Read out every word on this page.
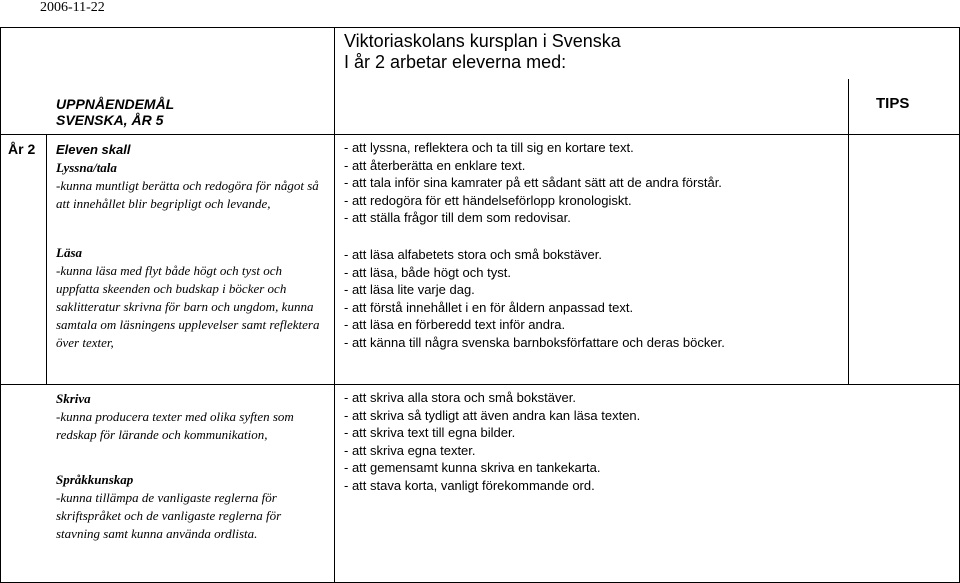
2006-11-22
Viktoriaskolans kursplan i Svenska
I år 2 arbetar eleverna med:
UPPNÅENDEMÅL
SVENSKA, ÅR 5
TIPS
År 2 Eleven skall
Lyssna/tala
-kunna muntligt berätta och redogöra för något så att innehållet blir begripligt och levande,
Läsa
-kunna läsa med flyt både högt och tyst och uppfatta skeenden och budskap i böcker och saklitteratur skrivna för barn och ungdom, kunna samtala om läsningens upplevelser samt reflektera över texter,
Skriva
-kunna producera texter med olika syften som redskap för lärande och kommunikation,
Språkkunskap
-kunna tillämpa de vanligaste reglerna för skriftspråket och de vanligaste reglerna för stavning samt kunna använda ordlista.
- att lyssna, reflektera och ta till sig en kortare text.
- att återberätta en enklare text.
- att tala inför sina kamrater på ett sådant sätt att de andra förstår.
- att redogöra för ett händelseförlopp kronologiskt.
- att ställa frågor till dem som redovisar.
- att läsa alfabetets stora och små bokstäver.
- att läsa, både högt och tyst.
- att läsa lite varje dag.
- att förstå innehållet i en för åldern anpassad text.
- att läsa en förberedd text inför andra.
- att känna till några svenska barnboksförfattare och deras böcker.
- att skriva alla stora och små bokstäver.
- att skriva så tydligt att även andra kan läsa texten.
- att skriva text till egna bilder.
- att skriva egna texter.
- att gemensamt kunna skriva en tankekarta.
- att stava korta, vanligt förekommande ord.
